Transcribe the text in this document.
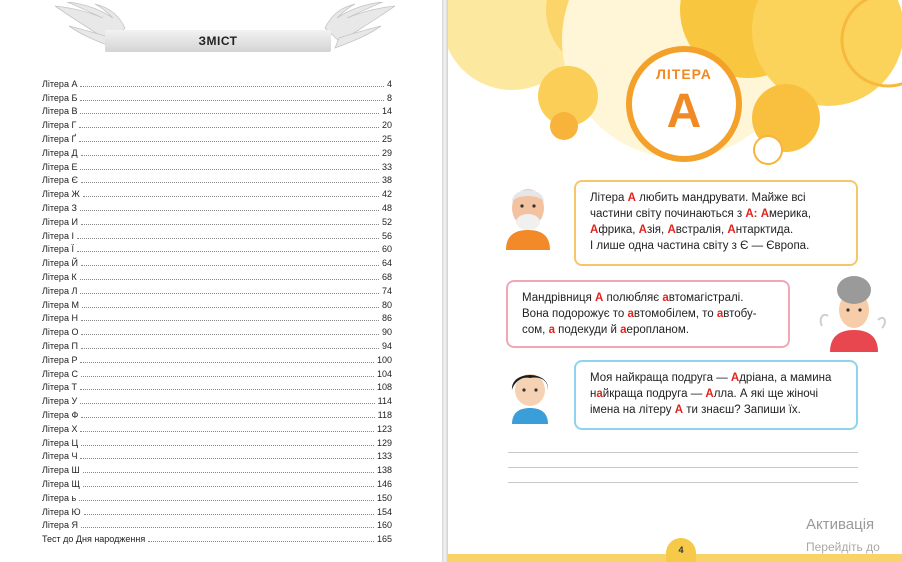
ЗМІСТ
Літера А	4
Літера Б	8
Літера В	14
Літера Г	20
Літера Ґ	25
Літера Д	29
Літера Е	33
Літера Є	38
Літера Ж	42
Літера З	48
Літера И	52
Літера І	56
Літера Ї	60
Літера Й	64
Літера К	68
Літера Л	74
Літера М	80
Літера Н	86
Літера О	90
Літера П	94
Літера Р	100
Літера С	104
Літера Т	108
Літера У	114
Літера Ф	118
Літера Х	123
Літера Ц	129
Літера Ч	133
Літера Ш	138
Літера Щ	146
Літера ь	150
Літера Ю	154
Літера Я	160
Тест до Дня народження	165
ЛІТЕРА
А
Літера А любить мандрувати. Майже всі
частини світу починаються з А: Америка,
Африка, Азія, Австралія, Антарктида.
І лише одна частина світу з Є — Європа.
Мандрівниця А полюбляє автомагістралі.
Вона подорожує то автомобілем, то автобу-
сом, а подекуди й аеропланом.
Моя найкраща подруга — Адріана, а мамина
найкраща подруга — Алла. А які ще жіночі
імена на літеру А ти знаєш? Запиши їх.
4
Активація
Перейдіть до
